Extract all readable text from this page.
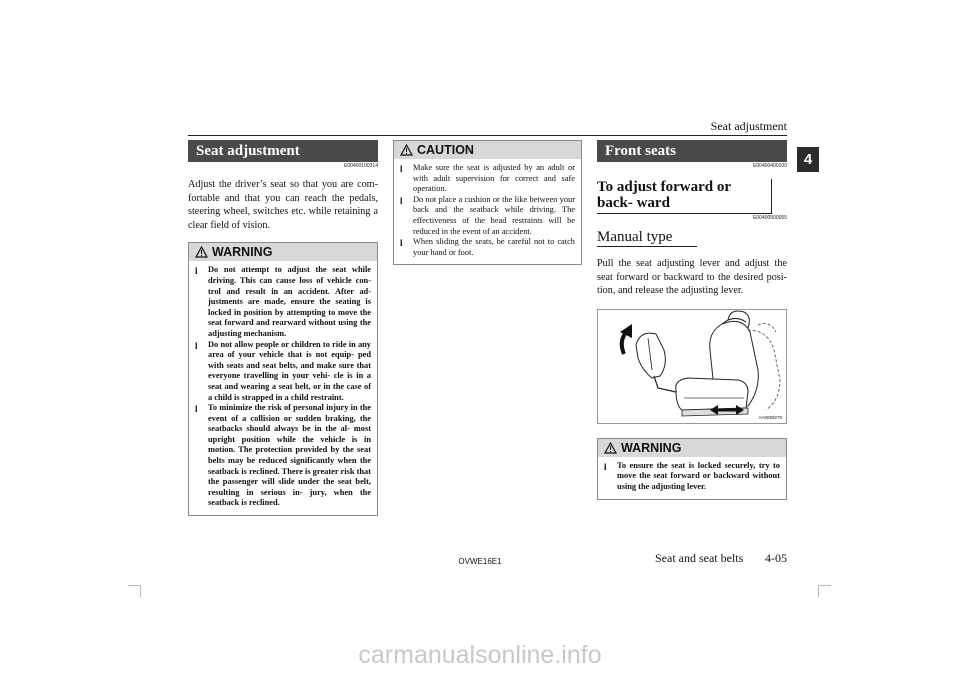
Seat adjustment
4
Seat adjustment
E00400100314

Adjust the driver’s seat so that you are com- fortable and that you can reach the pedals, steering wheel, switches etc. while retaining a clear field of vision.

WARNING
l Do not attempt to adjust the seat while driving. This can cause loss of vehicle con- trol and result in an accident. After ad- justments are made, ensure the seating is locked in position by attempting to move the seat forward and rearward without using the adjusting mechanism.
l Do not allow people or children to ride in any area of your vehicle that is not equip- ped with seats and seat belts, and make sure that everyone travelling in your vehi- cle is in a seat and wearing a seat belt, or in the case of a child is strapped in a child restraint.
l To minimize the risk of personal injury in the event of a collision or sudden braking, the seatbacks should always be in the al- most upright position while the vehicle is in motion. The protection provided by the seat belts may be reduced significantly when the seatback is reclined. There is greater risk that the passenger will slide under the seat belt, resulting in serious in- jury, when the seatback is reclined.
CAUTION
l Make sure the seat is adjusted by an adult or with adult supervision for correct and safe operation.
l Do not place a cushion or the like between your back and the seatback while driving. The effectiveness of the head restraints will be reduced in the event of an accident.
l When sliding the seats, be careful not to catch your hand or foot.
Front seats
E00400400100
To adjust forward or back- ward
E00400500055
Manual type

Pull the seat adjusting lever and adjust the seat forward or backward to the desired posi- tion, and release the adjusting lever.

AA0059279
WARNING
l To ensure the seat is locked securely, try to move the seat forward or backward without using the adjusting lever.
OVWE16E1	Seat and seat belts	4-05
carmanualsonline.info
